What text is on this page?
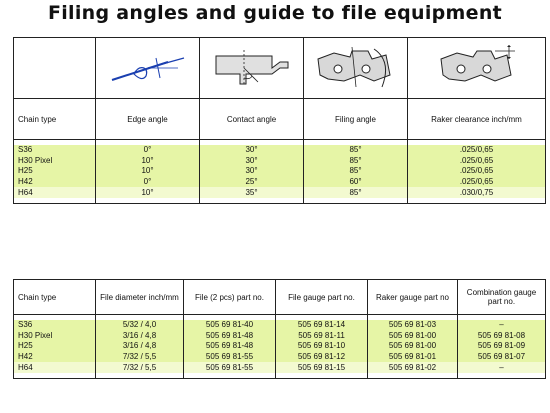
Filing angles and guide to file equipment

Chain type	Edge angle	Contact angle	Filing angle	Raker clearance inch/mm

S36	0°	30°	85°	.025/0,65
H30 Pixel	10°	30°	85°	.025/0,65
H25	10°	30°	85°	.025/0,65
H42	0°	25°	60°	.025/0,65
H64	10°	35°	85°	.030/0,75

Chain type	File diameter inch/mm	File (2 pcs) part no.	File gauge part no.	Raker gauge part no	Combination gauge part no.

S36	5/32 / 4,0	505 69 81-40	505 69 81-14	505 69 81-03	–
H30 Pixel	3/16 / 4,8	505 69 81-48	505 69 81-11	505 69 81-00	505 69 81-08
H25	3/16 / 4,8	505 69 81-48	505 69 81-10	505 69 81-00	505 69 81-09
H42	7/32 / 5,5	505 69 81-55	505 69 81-12	505 69 81-01	505 69 81-07
H64	7/32 / 5,5	505 69 81-55	505 69 81-15	505 69 81-02	–
